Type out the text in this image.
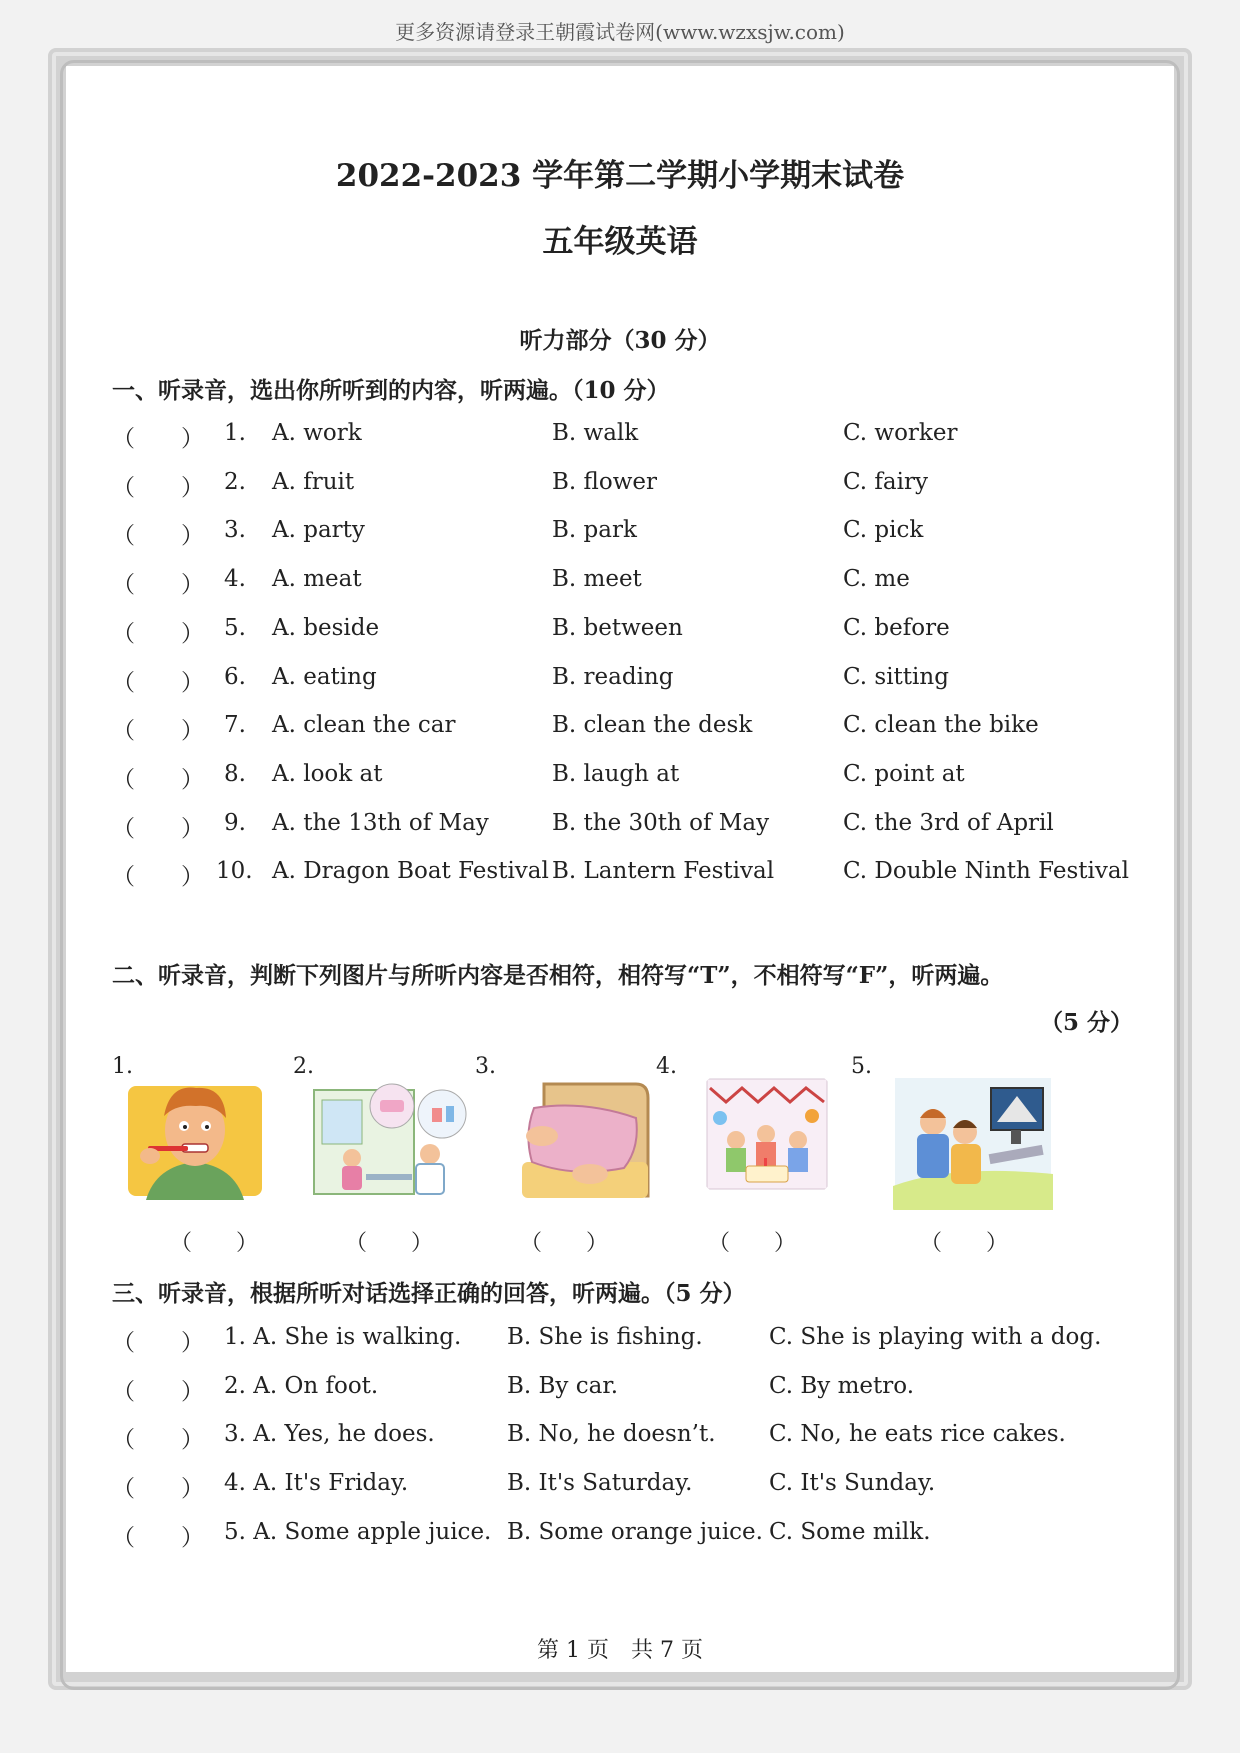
更多资源请登录王朝霞试卷网(www.wzxsjw.com)
2022-2023 学年第二学期小学期末试卷
五年级英语
听力部分（30 分）
一、听录音，选出你所听到的内容，听两遍。（10 分）
（　　） 1. A. work	B. walk	C. worker
（　　） 2. A. fruit	B. flower	C. fairy
（　　） 3. A. party	B. park	C. pick
（　　） 4. A. meat	B. meet	C. me
（　　） 5. A. beside	B. between	C. before
（　　） 6. A. eating	B. reading	C. sitting
（　　） 7. A. clean the car	B. clean the desk	C. clean the bike
（　　） 8. A. look at	B. laugh at	C. point at
（　　） 9. A. the 13th of May	B. the 30th of May	C. the 3rd of April
（　　） 10. A. Dragon Boat Festival B. Lantern Festival	C. Double Ninth Festival
二、听录音，判断下列图片与所听内容是否相符，相符写“T”，不相符写“F”，听两遍。
（5 分）
1.	2.	3.	4.	5.
（　　）	（　　）	（　　）	（　　）	（　　）
三、听录音，根据所听对话选择正确的回答，听两遍。（5 分）
（　　） 1. A. She is walking. B. She is fishing.	C. She is playing with a dog.
（　　） 2. A. On foot.	B. By car.	C. By metro.
（　　） 3. A. Yes, he does.	B. No, he doesn’t. C. No, he eats rice cakes.
（　　） 4. A. It's Friday.	B. It's Saturday.	C. It's Sunday.
（　　） 5. A. Some apple juice. B. Some orange juice. C. Some milk.
第 1 页　共 7 页
